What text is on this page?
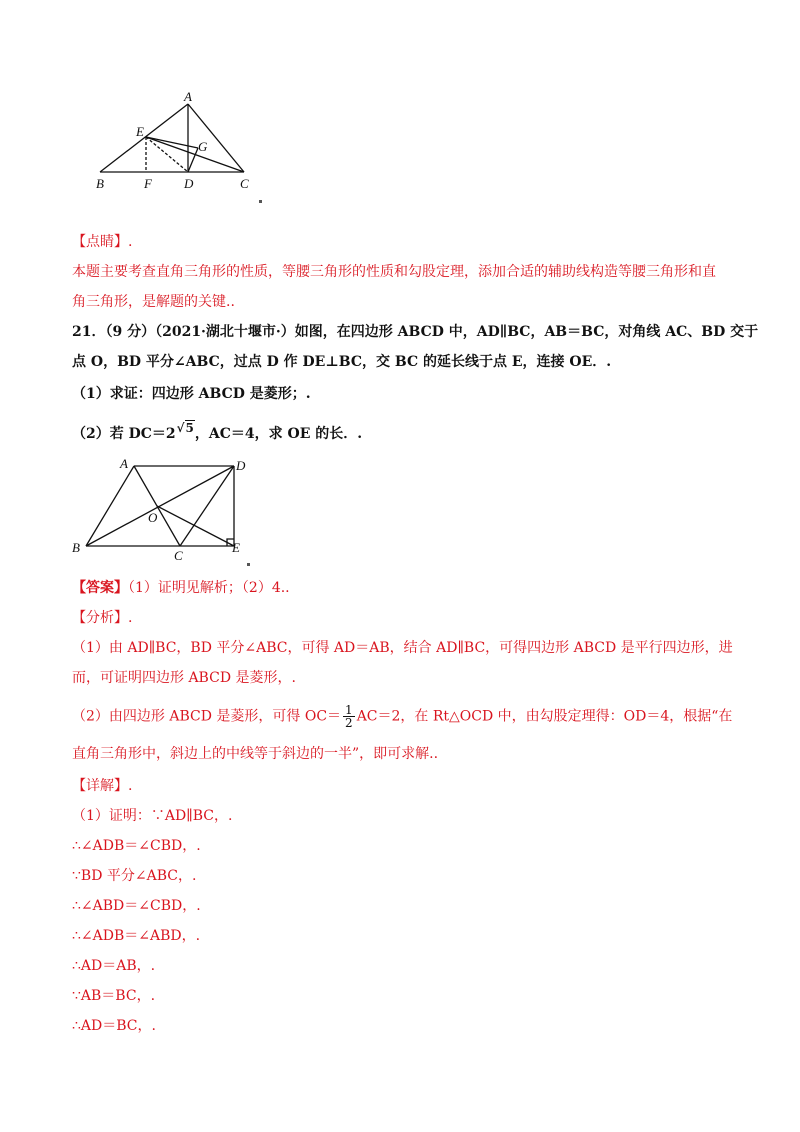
A
E
G
B	F D	C
【点睛】.
本题主要考查直角三角形的性质，等腰三角形的性质和勾股定理，添加合适的辅助线构造等腰三角形和直
角三角形，是解题的关键..
21．（9 分）（2021·湖北十堰市·）如图，在四边形 ABCD 中，AD∥BC，AB＝BC，对角线 AC、BD 交于
点 O，BD 平分∠ABC，过点 D 作 DE⊥BC，交 BC 的延长线于点 E，连接 OE．.
（1）求证：四边形 ABCD 是菱形；.
（2）若 DC＝2√5，AC＝4，求 OE 的长．.
A	D
O
B
C
E
【答案】（1）证明见解析；（2）4..
【分析】.
（1）由 AD∥BC，BD 平分∠ABC，可得 AD＝AB，结合 AD∥BC，可得四边形 ABCD 是平行四边形，进
而，可证明四边形 ABCD 是菱形，.
（2）由四边形 ABCD 是菱形，可得 $OC= \frac{1}{2} AC=2$，在 Rt△OCD 中，由勾股定理得：OD＝4，根据“在
直角三角形中，斜边上的中线等于斜边的一半”，即可求解..
【详解】.
（1）证明：∵AD∥BC，.
∴∠ADB＝∠CBD，.
∵BD 平分∠ABC，.
∴∠ABD＝∠CBD，.
∴∠ADB＝∠ABD，.
∴AD＝AB，.
∵AB＝BC，.
∴AD＝BC，.
